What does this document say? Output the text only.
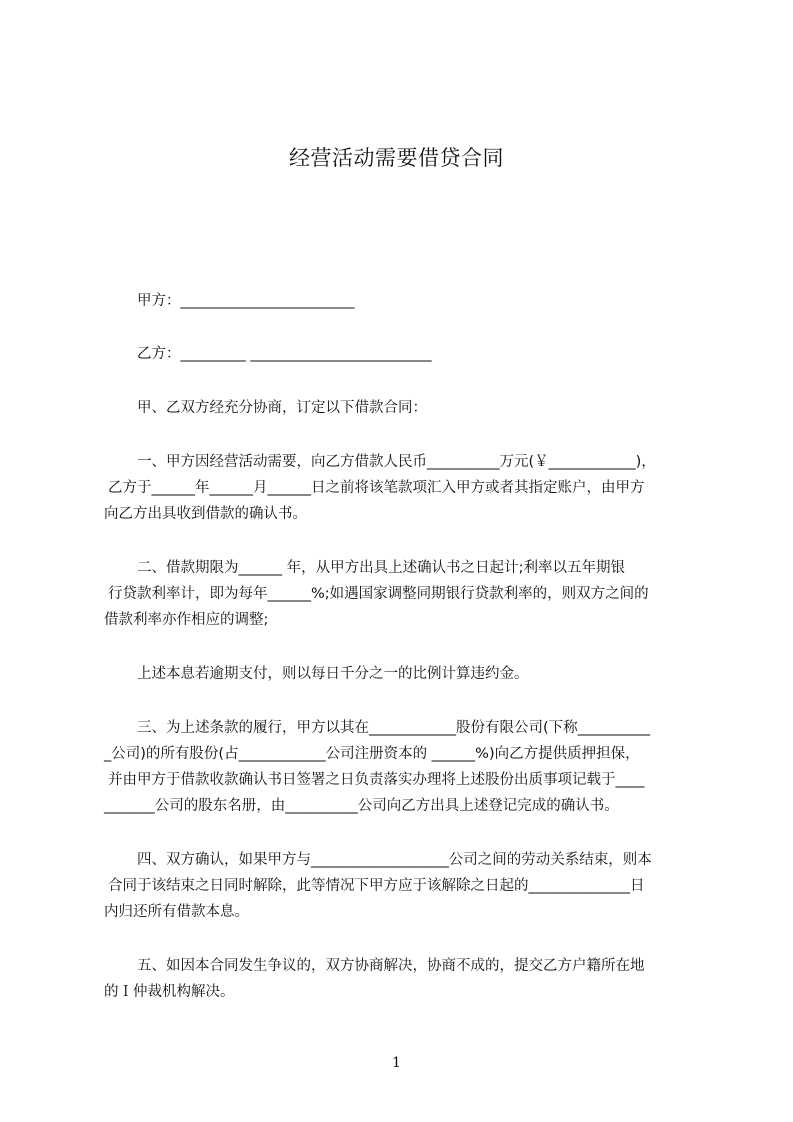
经营活动需要借贷合同
甲方：________________________
乙方：_________ _________________________
甲、乙双方经充分协商，订定以下借款合同：
一、甲方因经营活动需要，向乙方借款人民币__________万元(￥____________)，
乙方于______年______月______日之前将该笔款项汇入甲方或者其指定账户，由甲方
向乙方出具收到借款的确认书。
二、借款期限为______ 年，从甲方出具上述确认书之日起计;利率以五年期银
行贷款利率计，即为每年______%;如遇国家调整同期银行贷款利率的，则双方之间的
借款利率亦作相应的调整;
上述本息若逾期支付，则以每日千分之一的比例计算违约金。
三、为上述条款的履行，甲方以其在____________股份有限公司(下称__________
_公司)的所有股份(占____________公司注册资本的 ______%)向乙方提供质押担保，
并由甲方于借款收款确认书日签署之日负责落实办理将上述股份出质事项记载于____
_______公司的股东名册，由__________公司向乙方出具上述登记完成的确认书。
四、双方确认，如果甲方与___________________公司之间的劳动关系结束，则本
合同于该结束之日同时解除，此等情况下甲方应于该解除之日起的______________日
内归还所有借款本息。
五、如因本合同发生争议的，双方协商解决，协商不成的，提交乙方户籍所在地
的Ｉ仲裁机构解决。
1
